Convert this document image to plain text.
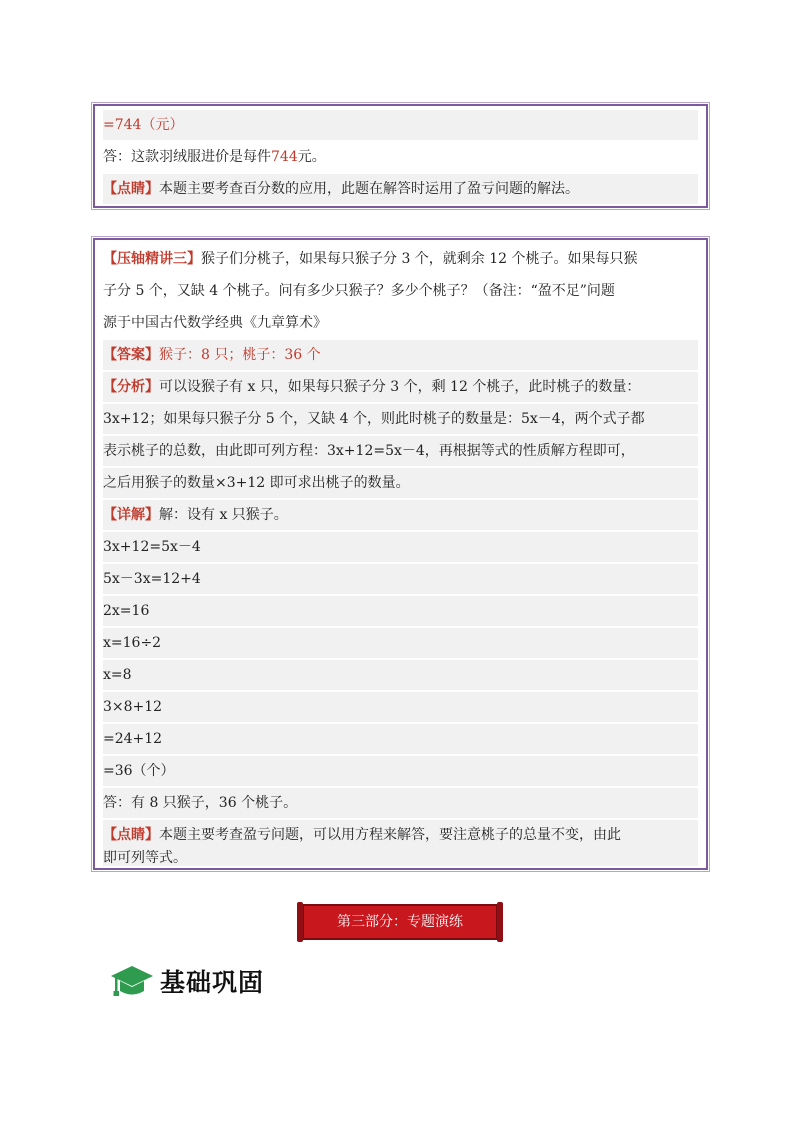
=744（元）
答：这款羽绒服进价是每件744元。
【点睛】本题主要考查百分数的应用，此题在解答时运用了盈亏问题的解法。
【压轴精讲三】猴子们分桃子，如果每只猴子分 3 个，就剩余 12 个桃子。如果每只猴
子分 5 个，又缺 4 个桃子。问有多少只猴子？多少个桃子？（备注：“盈不足”问题
源于中国古代数学经典《九章算术》
【答案】猴子：8 只；桃子：36 个
【分析】可以设猴子有 x 只，如果每只猴子分 3 个，剩 12 个桃子，此时桃子的数量：
3x+12；如果每只猴子分 5 个，又缺 4 个，则此时桃子的数量是：5x－4，两个式子都
表示桃子的总数，由此即可列方程：3x+12=5x－4，再根据等式的性质解方程即可，
之后用猴子的数量×3+12 即可求出桃子的数量。
【详解】解：设有 x 只猴子。
3x+12=5x－4
5x－3x=12+4
2x=16
x=16÷2
x=8
3×8+12
=24+12
=36（个）
答：有 8 只猴子，36 个桃子。
【点睛】本题主要考查盈亏问题，可以用方程来解答，要注意桃子的总量不变，由此
即可列等式。
第三部分：专题演练
基础巩固
